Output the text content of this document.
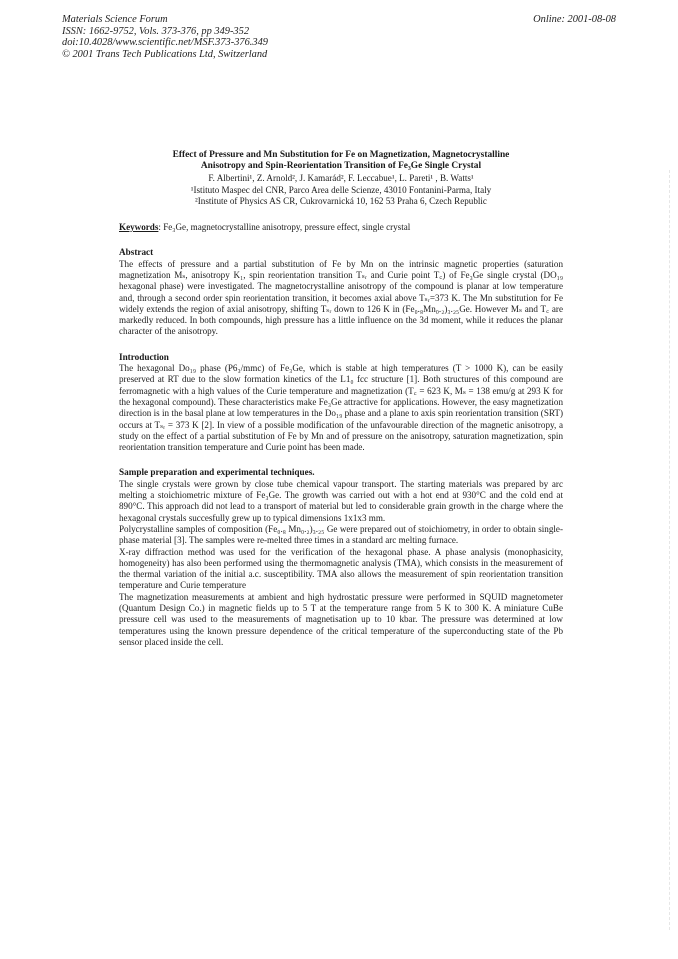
Materials Science Forum
ISSN: 1662-9752, Vols. 373-376, pp 349-352
doi:10.4028/www.scientific.net/MSF.373-376.349
© 2001 Trans Tech Publications Ltd, Switzerland
Online: 2001-08-08
Effect of Pressure and Mn Substitution for Fe on Magnetization, Magnetocrystalline
Anisotropy and Spin-Reorientation Transition of Fe₃Ge Single Crystal
F. Albertini¹, Z. Arnold², J. Kamarád², F. Leccabue¹, L. Pareti¹ , B. Watts¹
¹Istituto Maspec del CNR, Parco Area delle Scienze, 43010 Fontanini-Parma, Italy
²Institute of Physics AS CR, Cukrovarnická 10, 162 53 Praha 6, Czech Republic
Keywords: Fe₃Ge, magnetocrystalline anisotropy, pressure effect, single crystal
Abstract

The effects of pressure and a partial substitution of Fe by Mn on the intrinsic magnetic properties (saturation magnetization Mₛ, anisotropy K₁, spin reorientation transition Tₛᵣ and Curie point T꜀) of Fe₃Ge single crystal (DO₁₉ hexagonal phase) were investigated. The magnetocrystalline anisotropy of the compound is planar at low temperature and, through a second order spin reorientation transition, it becomes axial above Tₛᵣ=373 K. The Mn substitution for Fe widely extends the region of axial anisotropy, shifting Tₛᵣ down to 126 K in (Fe₀.₈Mn₀.₂)₃.₂₅Ge. However Mₛ and T꜀ are markedly reduced. In both compounds, high pressure has a little influence on the 3d moment, while it reduces the planar character of the anisotropy.

Introduction

The hexagonal Do₁₉ phase (P6₃/mmc) of Fe₃Ge, which is stable at high temperatures (T > 1000 K), can be easily preserved at RT due to the slow formation kinetics of the L1₀ fcc structure [1]. Both structures of this compound are ferromagnetic with a high values of the Curie temperature and magnetization (T꜀ = 623 K, Mₛ = 138 emu/g at 293 K for the hexagonal compound). These characteristics make Fe₃Ge attractive for applications. However, the easy magnetization direction is in the basal plane at low temperatures in the Do₁₉ phase and a plane to axis spin reorientation transition (SRT) occurs at Tₛᵣ = 373 K [2]. In view of a possible modification of the unfavourable direction of the magnetic anisotropy, a study on the effect of a partial substitution of Fe by Mn and of pressure on the anisotropy, saturation magnetization, spin reorientation transition temperature and Curie point has been made.

Sample preparation and experimental techniques.

The single crystals were grown by close tube chemical vapour transport. The starting materials was prepared by arc melting a stoichiometric mixture of Fe₃Ge. The growth was carried out with a hot end at 930°C and the cold end at 890°C. This approach did not lead to a transport of material but led to considerable grain growth in the charge where the hexagonal crystals succesfully grew up to typical dimensions 1x1x3 mm.

Polycrystalline samples of composition (Fe₀.₈ Mn₀.₂)₃.₂₅ Ge were prepared out of stoichiometry, in order to obtain single-phase material [3]. The samples were re-melted three times in a standard arc melting furnace.

X-ray diffraction method was used for the verification of the hexagonal phase. A phase analysis (monophasicity, homogeneity) has also been performed using the thermomagnetic analysis (TMA), which consists in the measurement of the thermal variation of the initial a.c. susceptibility. TMA also allows the measurement of spin reorientation transition temperature and Curie temperature

The magnetization measurements at ambient and high hydrostatic pressure were performed in SQUID magnetometer (Quantum Design Co.) in magnetic fields up to 5 T at the temperature range from 5 K to 300 K. A miniature CuBe pressure cell was used to the measurements of magnetisation up to 10 kbar. The pressure was determined at low temperatures using the known pressure dependence of the critical temperature of the superconducting state of the Pb sensor placed inside the cell.
